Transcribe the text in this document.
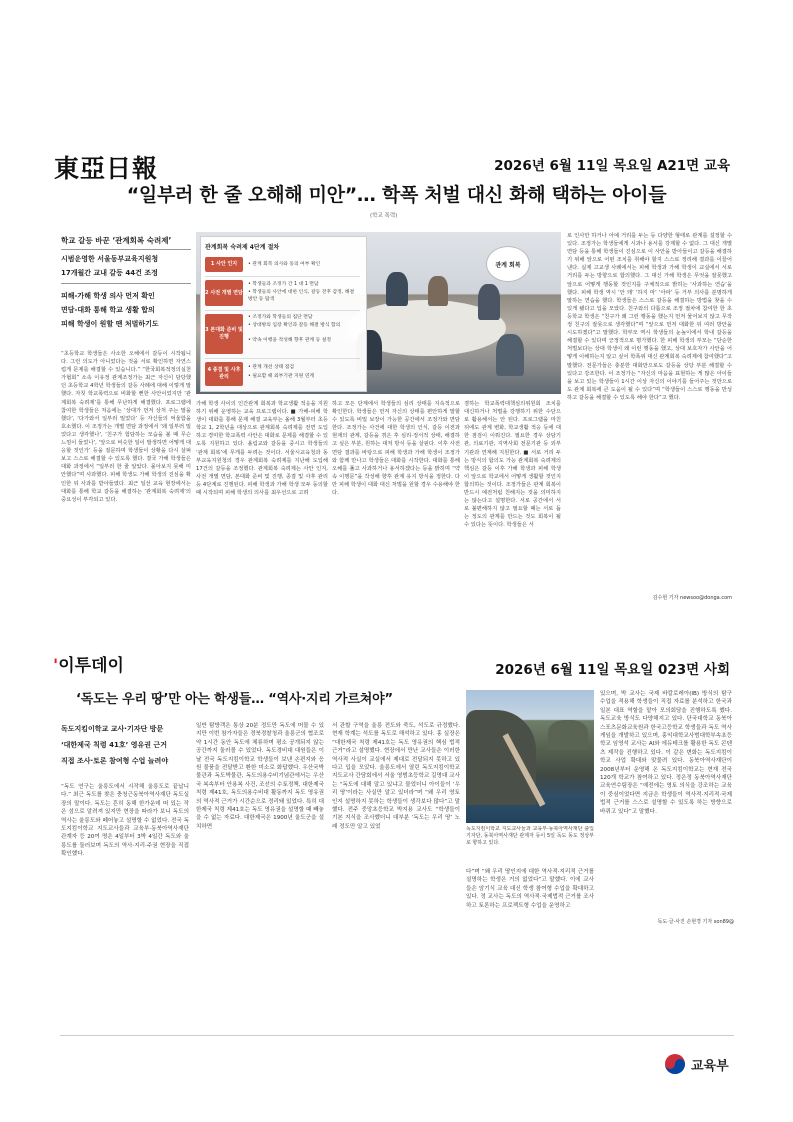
東亞日報	2026년 6월 11일 목요일 A21면 교육
“일부러 한 줄 오해해 미안”… 학폭 처벌 대신 화해 택하는 아이들
(학교 폭력)
학교 갈등 바꾼 ‘관계회복 숙려제’
시범운영한 서울동부교육지원청
17개월간 교내 갈등 44건 조정
피해-가해 학생 의사 먼저 확인
면담-대화 통해 학교 생활 합의
피해 학생이 원할 땐 처벌하기도
관계 회복
관계회복 숙려제 4단계 절차
1 사안 인지	• 관계 회복 의사와 동의 여부 확인
2 사전 개별 면담
• 학생들과 조정가 간 1 대 1 면담
• 학생들의 사안에 대한 인식, 갈등 전후 감정, 해결 방안 등 탐색
3 본대화 준비 및 진행
• 조정가와 학생들의 집단 면담
• 상대방의 입장 확인과 갈등 해결 방식 합의
• 약속 이행을 작성해 향후 관계 등 설정
4 종결 및 사후 관리
• 관계 개선 상태 점검
• 필요할 때 외부기관 지원 연계
“초등학교 학생들은 사소한 오해에서 갈등이 시작됩니다. 그런 의도가 아니었다는 것을 서로 확인하면 자연스럽게 문제를 해결할 수 있습니다.” “한국회복적정의실천가협회” 소속 이유정 관계조정가는 최근 자신이 담당했던 초등학교 4학년 학생들의 갈등 사례에 대해 이렇게 말했다. 자칫 학교폭력으로 비화할 뻔한 사안이었지만 ‘관계회복 숙려제’를 통해 무난하게 해결했다. 프로그램에 참여한 학생들은 처음에는 ‘상대가 먼저 상처 주는 말을 했다’, ‘다가와서 일부러 밀었다’ 등 자신들의 억울함을 호소했다. 이 조정가는 개별 면담 과정에서 ‘왜 일부러 밀었다고 생각했나’, ‘친구가 험담하는 모습을 볼 때 무슨 느낌이 들었나’, ‘앞으로 비슷한 일이 발생하면 어떻게 대응할 것인가’ 등을 질문하며 학생들이 상황을 다시 살펴보고 스스로 해결할 수 있도록 했다. 결국 가해 학생들은 대화 과정에서 “일부러 한 줄 알았다. 몰아보지 못해 미안했다”며 사과했다. 피해 학생도 가해 학생의 진심을 확인한 뒤 사과를 받아들였다. 최근 일선 교육 현장에서는 대화를 통해 학교 갈등을 해결하는 ‘관계회복 숙려제’의 중요성이 부각되고 있다.
가해 학생 사이의 인간관계 회복과 학교생활 적응을 지원하기 위해 운영하는 교육 프로그램이다. ■ 가해-피해 학생이 대화를 통해 문제 해결 교육부는 올해 3월부터 초등학교 1, 2학년을 대상으로 관계회복 숙려제를 전면 도입하고 경미한 학교폭력 사안은 대화로 문제를 해결할 수 있도록 지원하고 있다. 올림교와 갈등을 중시고 학생들의 ‘관계 회복’에 무게를 두려는 것이다. 서울시교육청과 동부교육지원청의 경우 관계회복 숙려제를 지난해 도입해 17건의 갈등을 조정했다. 관계회복 숙려제는 사안 인지, 사전 개별 면담, 본대화 준비 및 진행, 종결 및 사후 관리 등 4단계로 진행된다. 피해 학생과 가해 학생 모두 동의할 때 시작되며 피해 학생의 의사를 최우선으로 고려
하고 모든 단계에서 학생들의 심리 상태를 지속적으로 확인한다. 학생들은 먼저 자신의 상태를 편안하게 말할 수 있도록 비밀 보장이 가능한 공간에서 조정가와 면담한다. 조정가는 사건에 대한 학생의 인식, 갈등 이전과 현재의 관계, 갈등을 겪은 후 심리·정서적 상태, 해결하고 싶은 부분, 원하는 대처 방식 등을 살핀다. 이후 사전 면담 결과를 바탕으로 피해 학생과 가해 학생이 조정가와 함께 만나고 학생들은 대화를 시작한다. 대화를 통해 오해를 풀고 사과하거나 용서하겠다는 등을 밝히며 “약속 이행문”을 작성해 향후 관계 유지 방식을 정한다. 다만 피해 학생이 대화 대신 처벌을 원할 경우 수용해야 한다.
겸하는 학교폭력대책심의위원회 조치를 대신하거나 처벌을 강행하기 위한 수단으로 활용해서는 안 된다. 프로그램을 마친 뒤에도 관계 변화, 학교생활 적응 등에 대한 점검이 이뤄진다. 필요한 경우 상담기관, 의료기관, 지역사회 전문기관 등 외부 기관과 연계해 지원한다. ■ 서로 거리 두는 방식의 합의도 가능 관계회복 숙려제의 핵심은 갈등 이후 가해 학생과 피해 학생이 앞으로 학교에서 어떻게 생활할 것인지 합의하는 것이다. 조정가들은 관계 회복이 반드시 예전처럼 친해지는 것을 의미하지는 않는다고 설명한다. 서로 공간에서 서로 불편해하지 않고 필요할 때는 서로 돕는 정도의 관계를 만드는 것도 회복이 될 수 있다는 뜻이다. 학생들은 서
로 인사만 하거나 아예 거리를 두는 등 다양한 형태로 관계를 설정할 수 있다. 조정가는 학생들에게 시과나 용서를 강제할 수 없다. 그 대신 개별 면담 등을 통해 학생들이 진심으로 이 사안을 받아들이고 갈등을 해결하기 위해 앞으로 어떤 조치를 취해야 할지 스스로 정리해 결과를 이끌어낸다. 실제 고교생 사례에서는 피해 학생과 가해 학생이 교실에서 서로 거리를 두는 방향으로 합의했다. 그 대신 가해 학생은 무엇을 잘못했고 앞으로 어떻게 행동할 것인지를 구체적으로 밝히는 ‘사과하는 연습’을 했다. 피해 학생 역시 ‘안 돼’ ‘하지 마’ ‘아파’ 등 거부 의사를 분명하게 말하는 연습을 했다. 학생들은 스스로 갈등을 해결하는 방법을 찾을 수 있게 됐다고 입을 모았다. 친구와의 다툼으로 조정 절차에 참여한 한 초등학교 학생은 “친구가 왜 그런 행동을 했는지 먼저 물어보지 않고 무작정 친구의 잘못으로 생각했다”며 “앞으로 먼저 대화한 뒤 여러 방안을 시도하겠다”고 말했다. 학부모 역시 학생들의 눈높이에서 학내 갈등을 해결할 수 있다며 긍정적으로 평가했다. 한 피해 학생의 부모는 “단순한 처벌보다는 상대 학생이 왜 이런 행동을 했고, 상대 보호자가 사안을 어떻게 이해하는지 알고 싶어 학폭위 대신 관계회복 숙려제에 참여했다”고 말했다. 전문가들은 충분한 대화만으로도 갈등을 상당 부분 해결할 수 있다고 강조한다. 이 조정가는 “자신의 마음을 표현하는 게 많은 아이들을 보고 있는 학생들이 1시간 이상 자신의 이야기를 들어주는 것만으로도 관계 회복에 큰 도움이 될 수 있다”며 “학생들이 스스로 행동을 반성하고 갈등을 해결할 수 있도록 해야 한다”고 했다.
김수현 기자 newsoo@donga.com
'이투데이	2026년 6월 11일 목요일 023면 사회
‘독도는 우리 땅’만 아는 학생들… “역사·지리 가르쳐야”
독도지킴이학교 교사·기자단 방문
‘대한제국 칙령 41호’ 영유권 근거
직접 조사·토론 참여형 수업 늘려야
“독도 연구는 울릉도에서 시작해 울릉도로 끝납니다.” 최근 독도를 찾은 충청근동북아역사재단 독도실장의 말이다. 독도는 흔히 동해 한가운데 떠 있는 작은 섬으로 알려져 있지만 현장을 따라가 보니 독도의 역사는 울릉도와 떼어놓고 설명할 수 없었다. 전국 독도지킴이학교 지도교사들과 교육부·동북아역사재단 관계자 등 20여 명은 4일부터 3박 4일간 독도와 울릉도를 둘러보며 독도의 역사·지리·주권 현장을 직접 확인했다.
일반 탐방객은 통상 20분 정도만 독도에 머물 수 있지만 이번 참가자들은 경북경찰청과 울릉군의 협조로 약 1시간 동안 독도에 체류하며 평소 공개되지 않는 공간까지 둘러볼 수 있었다. 독도경비대 대원들은 이날 전국 독도지킴이학교 학생들이 보낸 손편지와 응원 물품을 전달받고 환한 미소로 화답했다. 우산국박물관과 독도박물관, 독도의용수비기념관에서는 우산국 복속부터 안용복 사건, 조선의 수토정책, 대한제국 칙령 제41호, 독도의용수비대 활동까지 독도 영유권의 역사적 근거가 시간순으로 정리돼 있었다. 특히 대한제국 칙령 제41호는 독도 영유권을 설명할 때 빼놓을 수 없는 자료다. 대한제국은 1900년 울도군을 설치하면
서 관할 구역을 울릉 전도와 죽도, 석도로 규정했다. 현재 학계는 석도를 독도로 해석하고 있다. 홍 실장은 “대한제국 칙령 제41호는 독도 영유권의 핵심 법적 근거”라고 설명했다. 현장에서 만난 교사들은 이러한 역사적 사실이 교실에서 제대로 전달되지 못하고 있다고 입을 모았다. 울릉도에서 열린 독도지킴이학교 지도교사 간담회에서 서울 영범초등학교 길명대 교사는 “독도에 대해 알고 있냐고 물었더니 아이들이 ‘우리 땅’이라는 사실만 알고 있더라”며 “왜 우리 영토인지 설명하지 못하는 학생들이 생각보다 많다”고 말했다. 전주 중앙초등학교 박지용 교사도 “학생들이 기본 지식을 조사했더니 대부분 ‘독도는 우리 땅’ 노래 정도만 알고 있었	독도지킴이학교 지도교사들과 교육부·동북아역사재단 출입기자단, 동북아역사재단 관계자 등이 5일 독도 동도 정상부로 향하고 있다.
다”며 “왜 우리 땅인지에 대한 역사적·지리적 근거를 설명하는 학생은 거의 없었다”고 말했다. 이에 교사들은 암기식 교육 대신 학생 참여형 수업을 확대하고 있다. 정 교사는 독도의 역사적·국제법적 근거를 조사하고 토론하는 프로젝트형 수업을 운영하고
있으며, 박 교사는 국제 바칼로레아(IB) 방식의 탐구 수업을 적용해 학생들이 직접 자료를 분석하고 한국과 일본 대표 역할을 맡아 모의회담을 진행하도록 했다. 독도교육 방식도 다양해지고 있다. 단국대학교 동북아스포츠문화교육원과 한국고등학교 학생들과 독도 역사 게임을 개발하고 있으며, 홍익대학교사범대학부속초등학교 임영석 교사는 AI와 에듀테크를 활용한 독도 콘텐츠 제작을 진행하고 있다. 이 같은 변화는 독도지킴이학교 사업 확대와 맞물려 있다. 동북아역사재단이 2008년부터 운영해 온 독도지킴이학교는 현재 전국 120개 학교가 참여하고 있다. 정은정 동북아역사재단 교육연수팀장은 “예전에는 영토 의식을 강조하는 교육이 중심이었다면 지금은 학생들이 역사적·지리적·국제법적 근거를 스스로 설명할 수 있도록 하는 방향으로 바뀌고 있다”고 말했다.
독도·글·사진 손현경 기자 son89@
교육부
